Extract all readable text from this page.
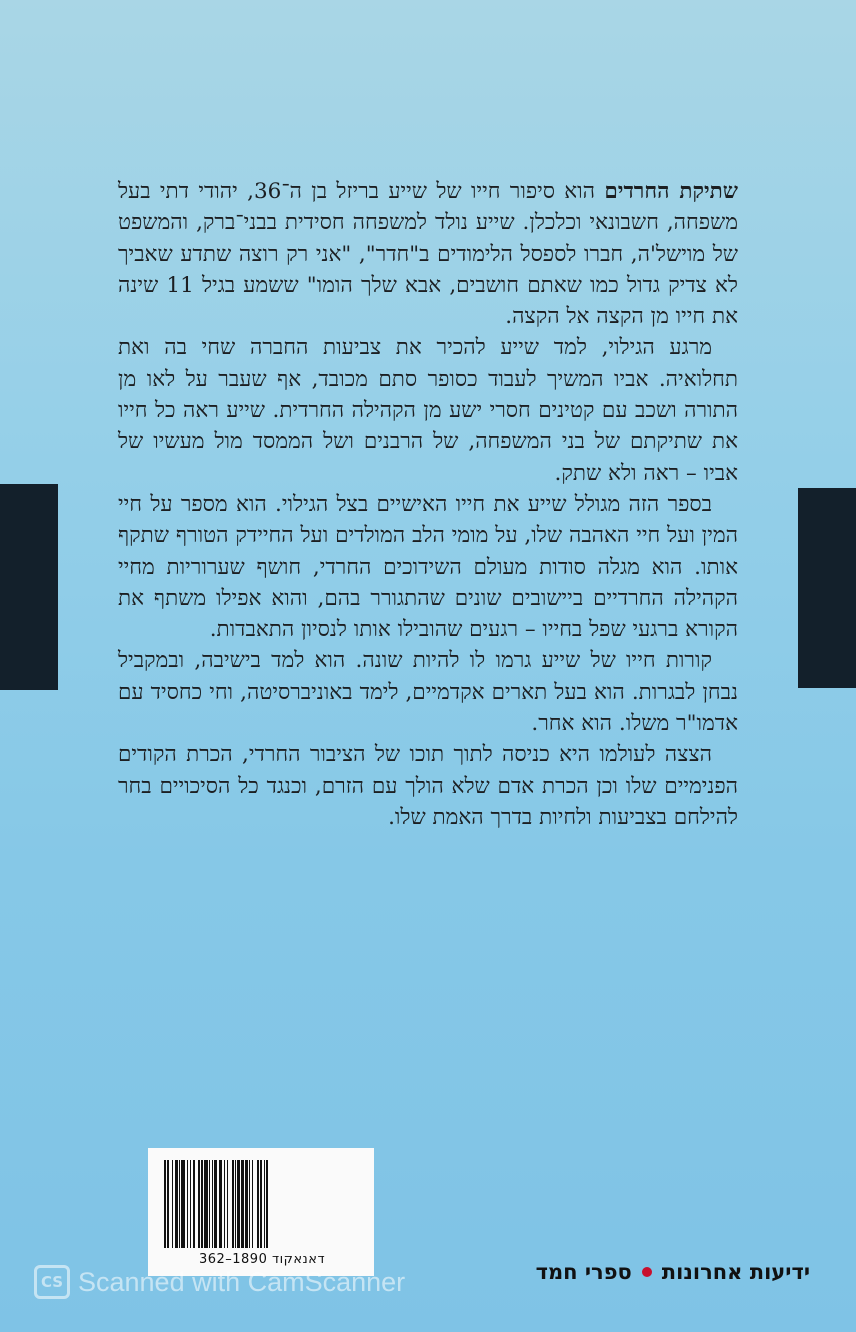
שתיקת החרדים הוא סיפור חייו של שייע בריזל בן ה־36, יהודי דתי בעל משפחה, חשבונאי וכלכלן. שייע נולד למשפחה חסידית בבני־ברק, והמשפט של מוישל'ה, חברו לספסל הלימודים ב"חדר", "אני רק רוצה שתדע שאביך לא צדיק גדול כמו שאתם חושבים, אבא שלך הומו" ששמע בגיל 11 שינה את חייו מן הקצה אל הקצה.

מרגע הגילוי, למד שייע להכיר את צביעות החברה שחי בה ואת תחלואיה. אביו המשיך לעבוד כסופר סתם מכובד, אף שעבר על לאו מן התורה ושכב עם קטינים חסרי ישע מן הקהילה החרדית. שייע ראה כל חייו את שתיקתם של בני המשפחה, של הרבנים ושל הממסד מול מעשיו של אביו – ראה ולא שתק.

בספר הזה מגולל שייע את חייו האישיים בצל הגילוי. הוא מספר על חיי המין ועל חיי האהבה שלו, על מומי הלב המולדים ועל החיידק הטורף שתקף אותו. הוא מגלה סודות מעולם השידוכים החרדי, חושף שערוריות מחיי הקהילה החרדיים ביישובים שונים שהתגורר בהם, והוא אפילו משתף את הקורא ברגעי שפל בחייו – רגעים שהובילו אותו לנסיון התאבדות.

קורות חייו של שייע גרמו לו להיות שונה. הוא למד בישיבה, ובמקביל נבחן לבגרות. הוא בעל תארים אקדמיים, לימד באוניברסיטה, וחי כחסיד עם אדמו"ר משלו. הוא אחר.

הצצה לעולמו היא כניסה לתוך תוכו של הציבור החרדי, הכרת הקודים הפנימיים שלו וכן הכרת אדם שלא הולך עם הזרם, וכנגד כל הסיכויים בחר להילחם בצביעות ולחיות בדרך האמת שלו.

דאנאקוד 1890–362
ידיעות אחרונות
ספרי חמד
CS Scanned with CamScanner
